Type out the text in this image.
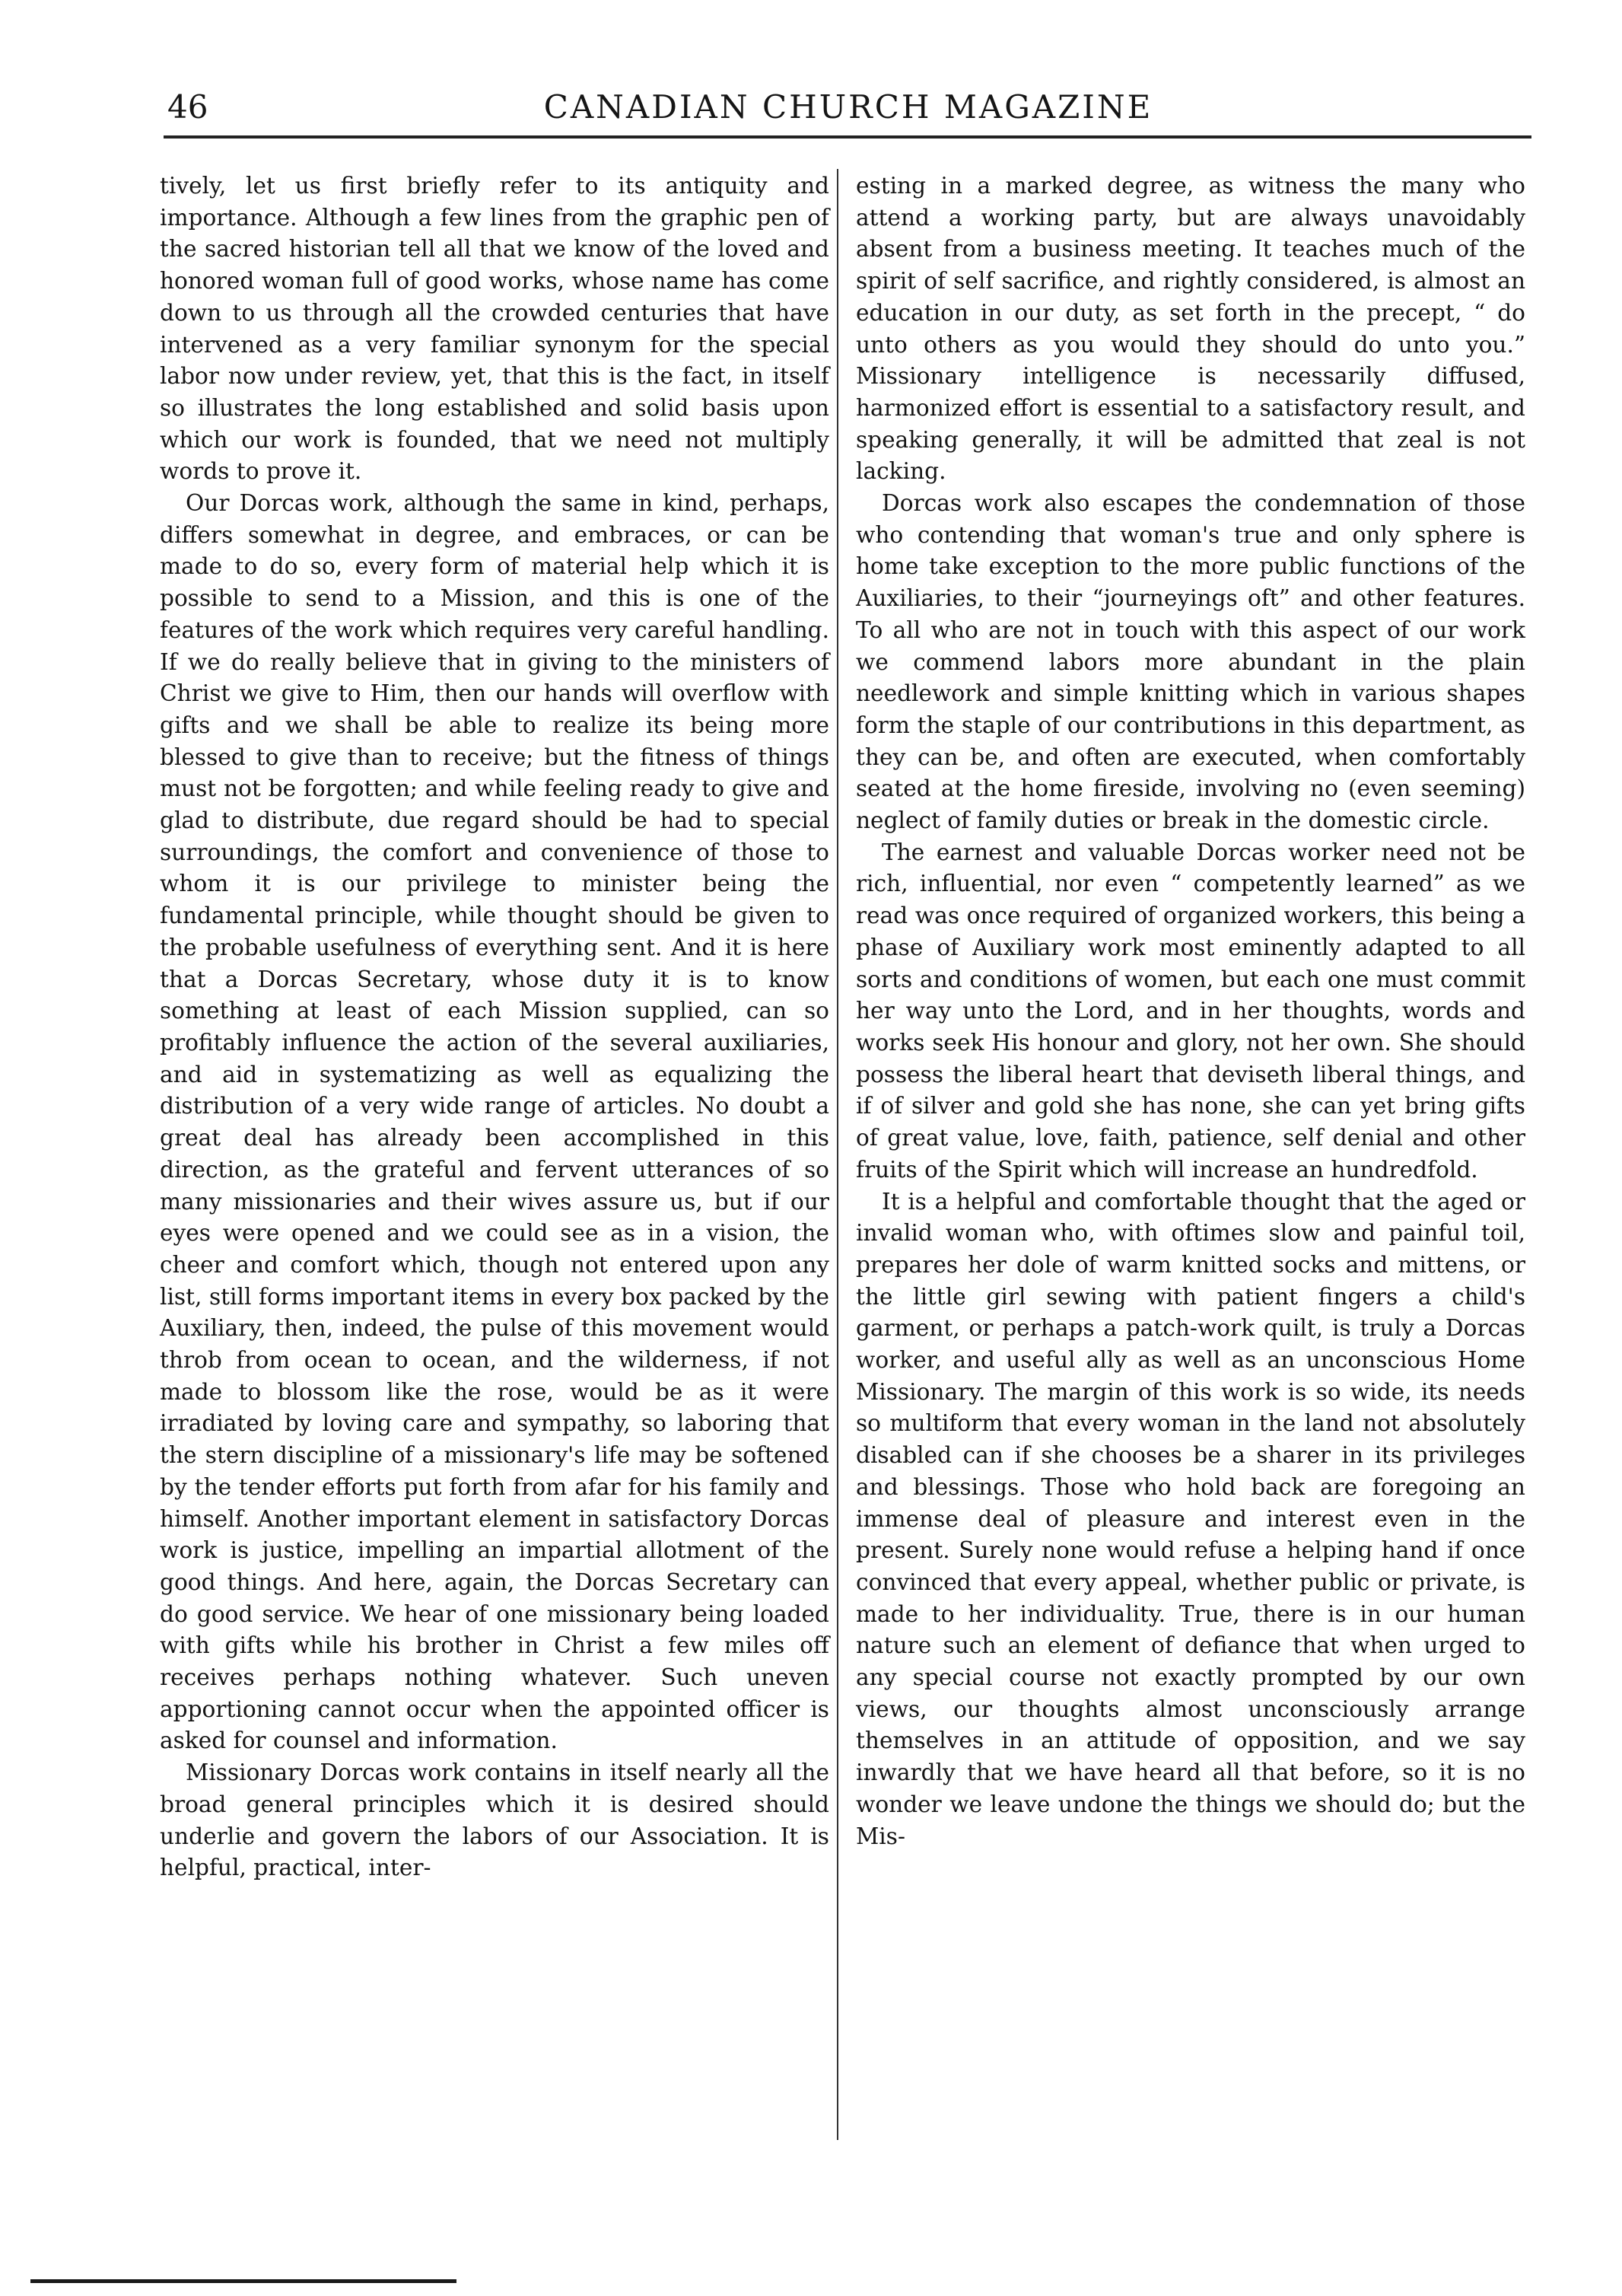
46	CANADIAN CHURCH MAGAZINE

tively, let us first briefly refer to its antiquity and importance. Although a few lines from the graphic pen of the sacred historian tell all that we know of the loved and honored woman full of good works, whose name has come down to us through all the crowded centuries that have intervened as a very familiar synonym for the special labor now under review, yet, that this is the fact, in itself so illustrates the long established and solid basis upon which our work is founded, that we need not multiply words to prove it.

Our Dorcas work, although the same in kind, perhaps, differs somewhat in degree, and embraces, or can be made to do so, every form of material help which it is possible to send to a Mission, and this is one of the features of the work which requires very careful handling. If we do really believe that in giving to the ministers of Christ we give to Him, then our hands will overflow with gifts and we shall be able to realize its being more blessed to give than to receive; but the fitness of things must not be forgotten; and while feeling ready to give and glad to distribute, due regard should be had to special surroundings, the comfort and convenience of those to whom it is our privilege to minister being the fundamental principle, while thought should be given to the probable usefulness of everything sent. And it is here that a Dorcas Secretary, whose duty it is to know something at least of each Mission supplied, can so profitably influence the action of the several auxiliaries, and aid in systematizing as well as equalizing the distribution of a very wide range of articles. No doubt a great deal has already been accomplished in this direction, as the grateful and fervent utterances of so many missionaries and their wives assure us, but if our eyes were opened and we could see as in a vision, the cheer and comfort which, though not entered upon any list, still forms important items in every box packed by the Auxiliary, then, indeed, the pulse of this movement would throb from ocean to ocean, and the wilderness, if not made to blossom like the rose, would be as it were irradiated by loving care and sympathy, so laboring that the stern discipline of a missionary's life may be softened by the tender efforts put forth from afar for his family and himself. Another important element in satisfactory Dorcas work is justice, impelling an impartial allotment of the good things. And here, again, the Dorcas Secretary can do good service. We hear of one missionary being loaded with gifts while his brother in Christ a few miles off receives perhaps nothing whatever. Such uneven apportioning cannot occur when the appointed officer is asked for counsel and information.

Missionary Dorcas work contains in itself nearly all the broad general principles which it is desired should underlie and govern the labors of our Association. It is helpful, practical, inter-

esting in a marked degree, as witness the many who attend a working party, but are always unavoidably absent from a business meeting. It teaches much of the spirit of self sacrifice, and rightly considered, is almost an education in our duty, as set forth in the precept, “ do unto others as you would they should do unto you.” Missionary intelligence is necessarily diffused, harmonized effort is essential to a satisfactory result, and speaking generally, it will be admitted that zeal is not lacking.

Dorcas work also escapes the condemnation of those who contending that woman's true and only sphere is home take exception to the more public functions of the Auxiliaries, to their “journeyings oft” and other features. To all who are not in touch with this aspect of our work we commend labors more abundant in the plain needlework and simple knitting which in various shapes form the staple of our contributions in this department, as they can be, and often are executed, when comfortably seated at the home fireside, involving no (even seeming) neglect of family duties or break in the domestic circle.

The earnest and valuable Dorcas worker need not be rich, influential, nor even “ competently learned” as we read was once required of organized workers, this being a phase of Auxiliary work most eminently adapted to all sorts and conditions of women, but each one must commit her way unto the Lord, and in her thoughts, words and works seek His honour and glory, not her own. She should possess the liberal heart that deviseth liberal things, and if of silver and gold she has none, she can yet bring gifts of great value, love, faith, patience, self denial and other fruits of the Spirit which will increase an hundredfold.

It is a helpful and comfortable thought that the aged or invalid woman who, with oftimes slow and painful toil, prepares her dole of warm knitted socks and mittens, or the little girl sewing with patient fingers a child's garment, or perhaps a patch-work quilt, is truly a Dorcas worker, and useful ally as well as an unconscious Home Missionary. The margin of this work is so wide, its needs so multiform that every woman in the land not absolutely disabled can if she chooses be a sharer in its privileges and blessings. Those who hold back are foregoing an immense deal of pleasure and interest even in the present. Surely none would refuse a helping hand if once convinced that every appeal, whether public or private, is made to her individuality. True, there is in our human nature such an element of defiance that when urged to any special course not exactly prompted by our own views, our thoughts almost unconsciously arrange themselves in an attitude of opposition, and we say inwardly that we have heard all that before, so it is no wonder we leave undone the things we should do; but the Mis-
